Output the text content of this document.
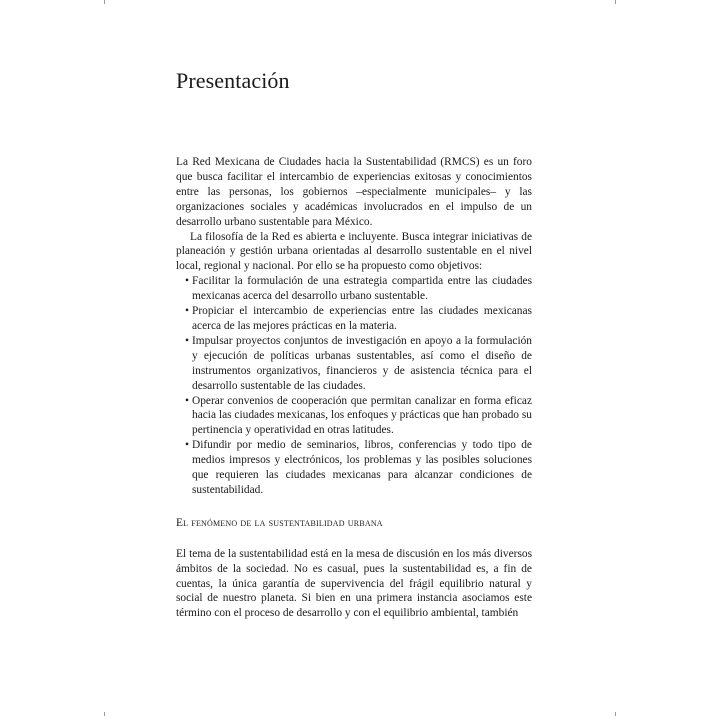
Presentación

La Red Mexicana de Ciudades hacia la Sustentabilidad (RMCS) es un foro que busca facilitar el intercambio de experiencias exitosas y conocimientos entre las personas, los gobiernos –especialmente municipales– y las organizaciones sociales y académicas involucrados en el impulso de un desarrollo urbano sustentable para México.

La filosofía de la Red es abierta e incluyente. Busca integrar iniciativas de planeación y gestión urbana orientadas al desarrollo sustentable en el nivel local, regional y nacional. Por ello se ha propuesto como objetivos:

• Facilitar la formulación de una estrategia compartida entre las ciudades mexicanas acerca del desarrollo urbano sustentable.
• Propiciar el intercambio de experiencias entre las ciudades mexicanas acerca de las mejores prácticas en la materia.
• Impulsar proyectos conjuntos de investigación en apoyo a la formulación y ejecución de políticas urbanas sustentables, así como el diseño de instrumentos organizativos, financieros y de asistencia técnica para el desarrollo sustentable de las ciudades.
• Operar convenios de cooperación que permitan canalizar en forma eficaz hacia las ciudades mexicanas, los enfoques y prácticas que han probado su pertinencia y operatividad en otras latitudes.
• Difundir por medio de seminarios, libros, conferencias y todo tipo de medios impresos y electrónicos, los problemas y las posibles soluciones que requieren las ciudades mexicanas para alcanzar condiciones de sustentabilidad.
El fenómeno de la sustentabilidad urbana

El tema de la sustentabilidad está en la mesa de discusión en los más diversos ámbitos de la sociedad. No es casual, pues la sustentabilidad es, a fin de cuentas, la única garantía de supervivencia del frágil equilibrio natural y social de nuestro planeta. Si bien en una primera instancia asociamos este término con el proceso de desarrollo y con el equilibrio ambiental, también
